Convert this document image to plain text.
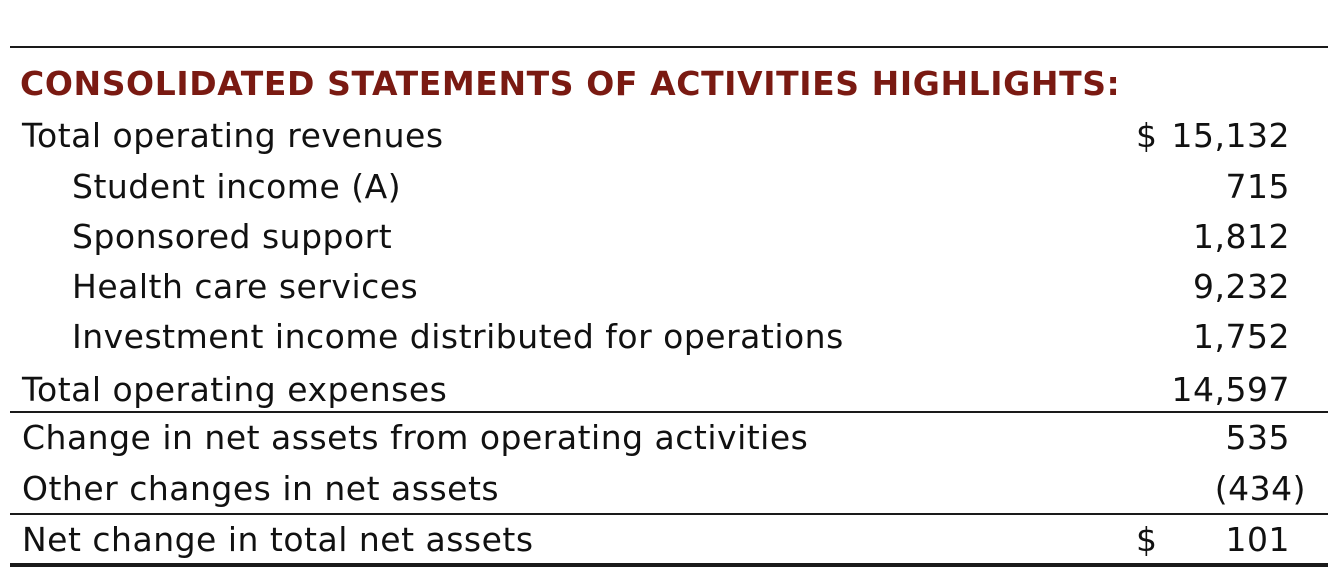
CONSOLIDATED STATEMENTS OF ACTIVITIES HIGHLIGHTS:
Total operating revenues	$ 15,132
Student income (A)	715
Sponsored support	1,812
Health care services	9,232
Investment income distributed for operations	1,752
Total operating expenses	14,597
Change in net assets from operating activities	535
Other changes in net assets	(434)
Net change in total net assets	$ 101
